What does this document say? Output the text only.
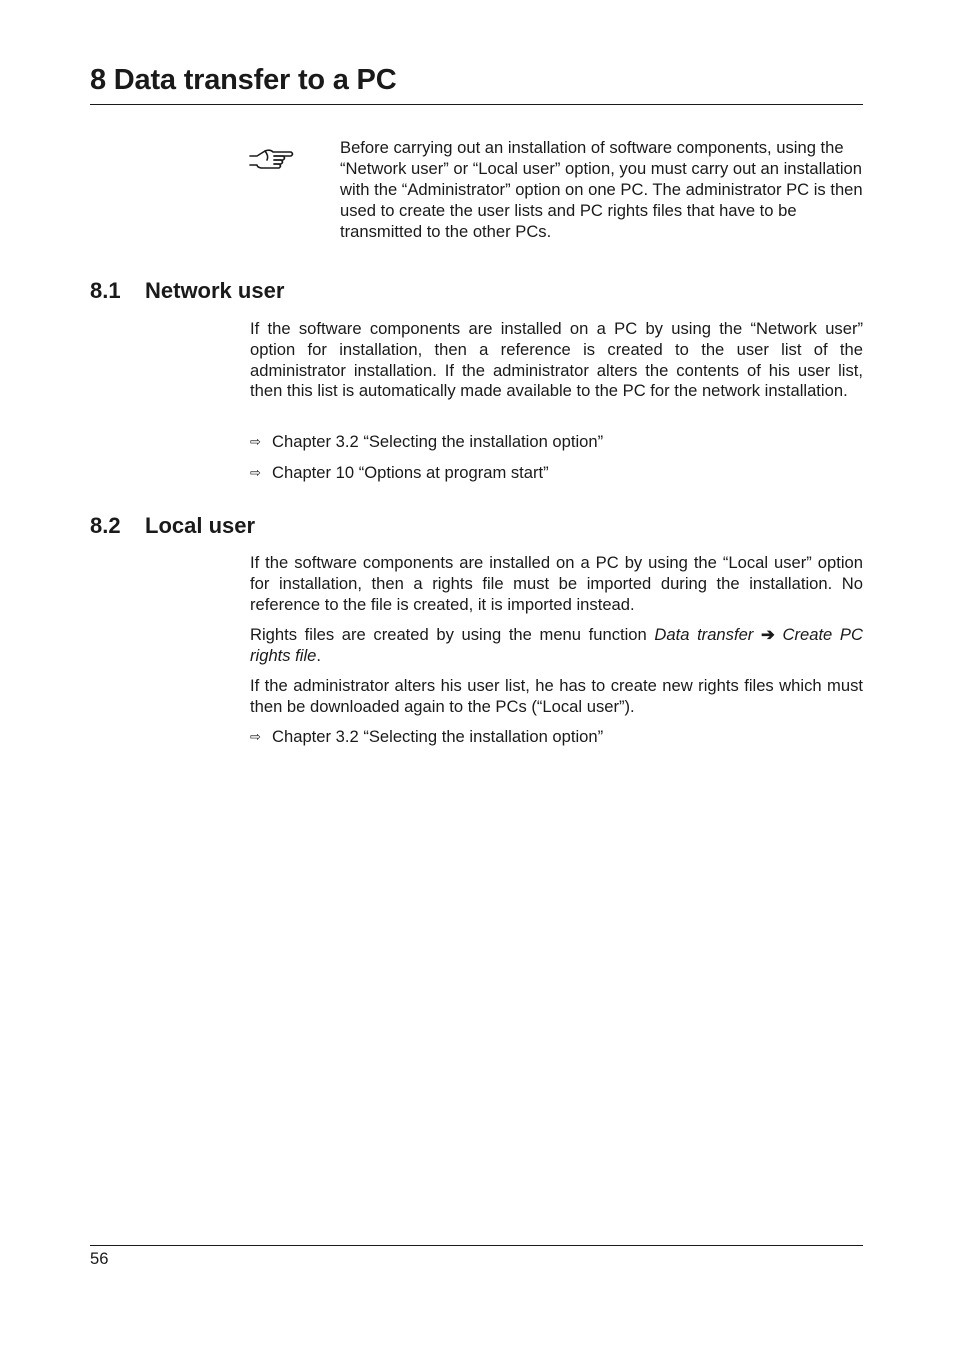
8 Data transfer to a PC
Before carrying out an installation of software components, using the “Network user” or “Local user” option, you must carry out an installation with the “Administrator” option on one PC. The administrator PC is then used to create the user lists and PC rights files that have to be transmitted to the other PCs.
8.1 Network user

If the software components are installed on a PC by using the “Network user” option for installation, then a reference is created to the user list of the administrator installation. If the administrator alters the contents of his user list, then this list is automatically made available to the PC for the network installation.

⇨ Chapter 3.2 “Selecting the installation option”
⇨ Chapter 10 “Options at program start”
8.2 Local user

If the software components are installed on a PC by using the “Local user” option for installation, then a rights file must be imported during the installation. No reference to the file is created, it is imported instead.

Rights files are created by using the menu function Data transfer ➔ Create PC rights file.

If the administrator alters his user list, he has to create new rights files which must then be downloaded again to the PCs (“Local user”).

⇨ Chapter 3.2 “Selecting the installation option”
56
